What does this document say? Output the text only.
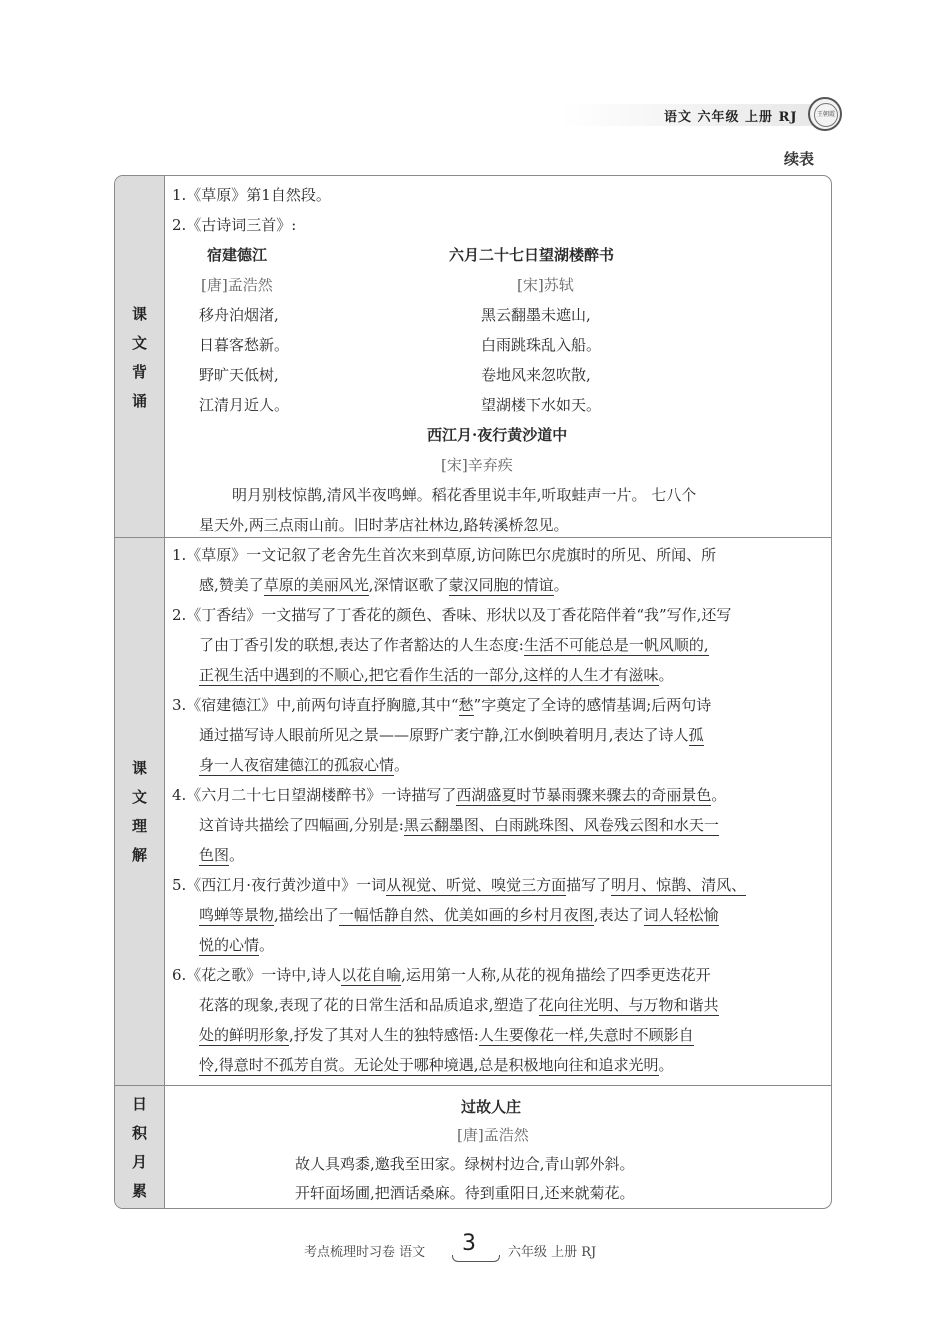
语文 六年级 上册 RJ	王朝霞
续表
课
文
背
诵
课
文
理
解
日
积
月
累
1.《草原》第1自然段。
2.《古诗词三首》:
宿建德江
[唐]孟浩然
移舟泊烟渚,
日暮客愁新。
野旷天低树,
江清月近人。
六月二十七日望湖楼醉书
[宋]苏轼
黑云翻墨未遮山,
白雨跳珠乱入船。
卷地风来忽吹散,
望湖楼下水如天。
西江月·夜行黄沙道中
[宋]辛弃疾
明月别枝惊鹊,清风半夜鸣蝉。稻花香里说丰年,听取蛙声一片。 七八个
星天外,两三点雨山前。旧时茅店社林边,路转溪桥忽见。
1.《草原》一文记叙了老舍先生首次来到草原,访问陈巴尔虎旗时的所见、所闻、所
感,赞美了草原的美丽风光,深情讴歌了蒙汉同胞的情谊。
2.《丁香结》一文描写了丁香花的颜色、香味、形状以及丁香花陪伴着“我”写作,还写
了由丁香引发的联想,表达了作者豁达的人生态度:生活不可能总是一帆风顺的,
正视生活中遇到的不顺心,把它看作生活的一部分,这样的人生才有滋味。
3.《宿建德江》中,前两句诗直抒胸臆,其中“愁”字奠定了全诗的感情基调;后两句诗
通过描写诗人眼前所见之景——原野广袤宁静,江水倒映着明月,表达了诗人孤
身一人夜宿建德江的孤寂心情。
4.《六月二十七日望湖楼醉书》一诗描写了西湖盛夏时节暴雨骤来骤去的奇丽景色。
这首诗共描绘了四幅画,分别是:黑云翻墨图、白雨跳珠图、风卷残云图和水天一
色图。
5.《西江月·夜行黄沙道中》一词从视觉、听觉、嗅觉三方面描写了明月、惊鹊、清风、
鸣蝉等景物,描绘出了一幅恬静自然、优美如画的乡村月夜图,表达了词人轻松愉
悦的心情。
6.《花之歌》一诗中,诗人以花自喻,运用第一人称,从花的视角描绘了四季更迭花开
花落的现象,表现了花的日常生活和品质追求,塑造了花向往光明、与万物和谐共
处的鲜明形象,抒发了其对人生的独特感悟:人生要像花一样,失意时不顾影自
怜,得意时不孤芳自赏。无论处于哪种境遇,总是积极地向往和追求光明。
过故人庄
[唐]孟浩然
故人具鸡黍,邀我至田家。绿树村边合,青山郭外斜。
开轩面场圃,把酒话桑麻。待到重阳日,还来就菊花。
考点梳理时习卷 语文 3 六年级 上册 RJ
